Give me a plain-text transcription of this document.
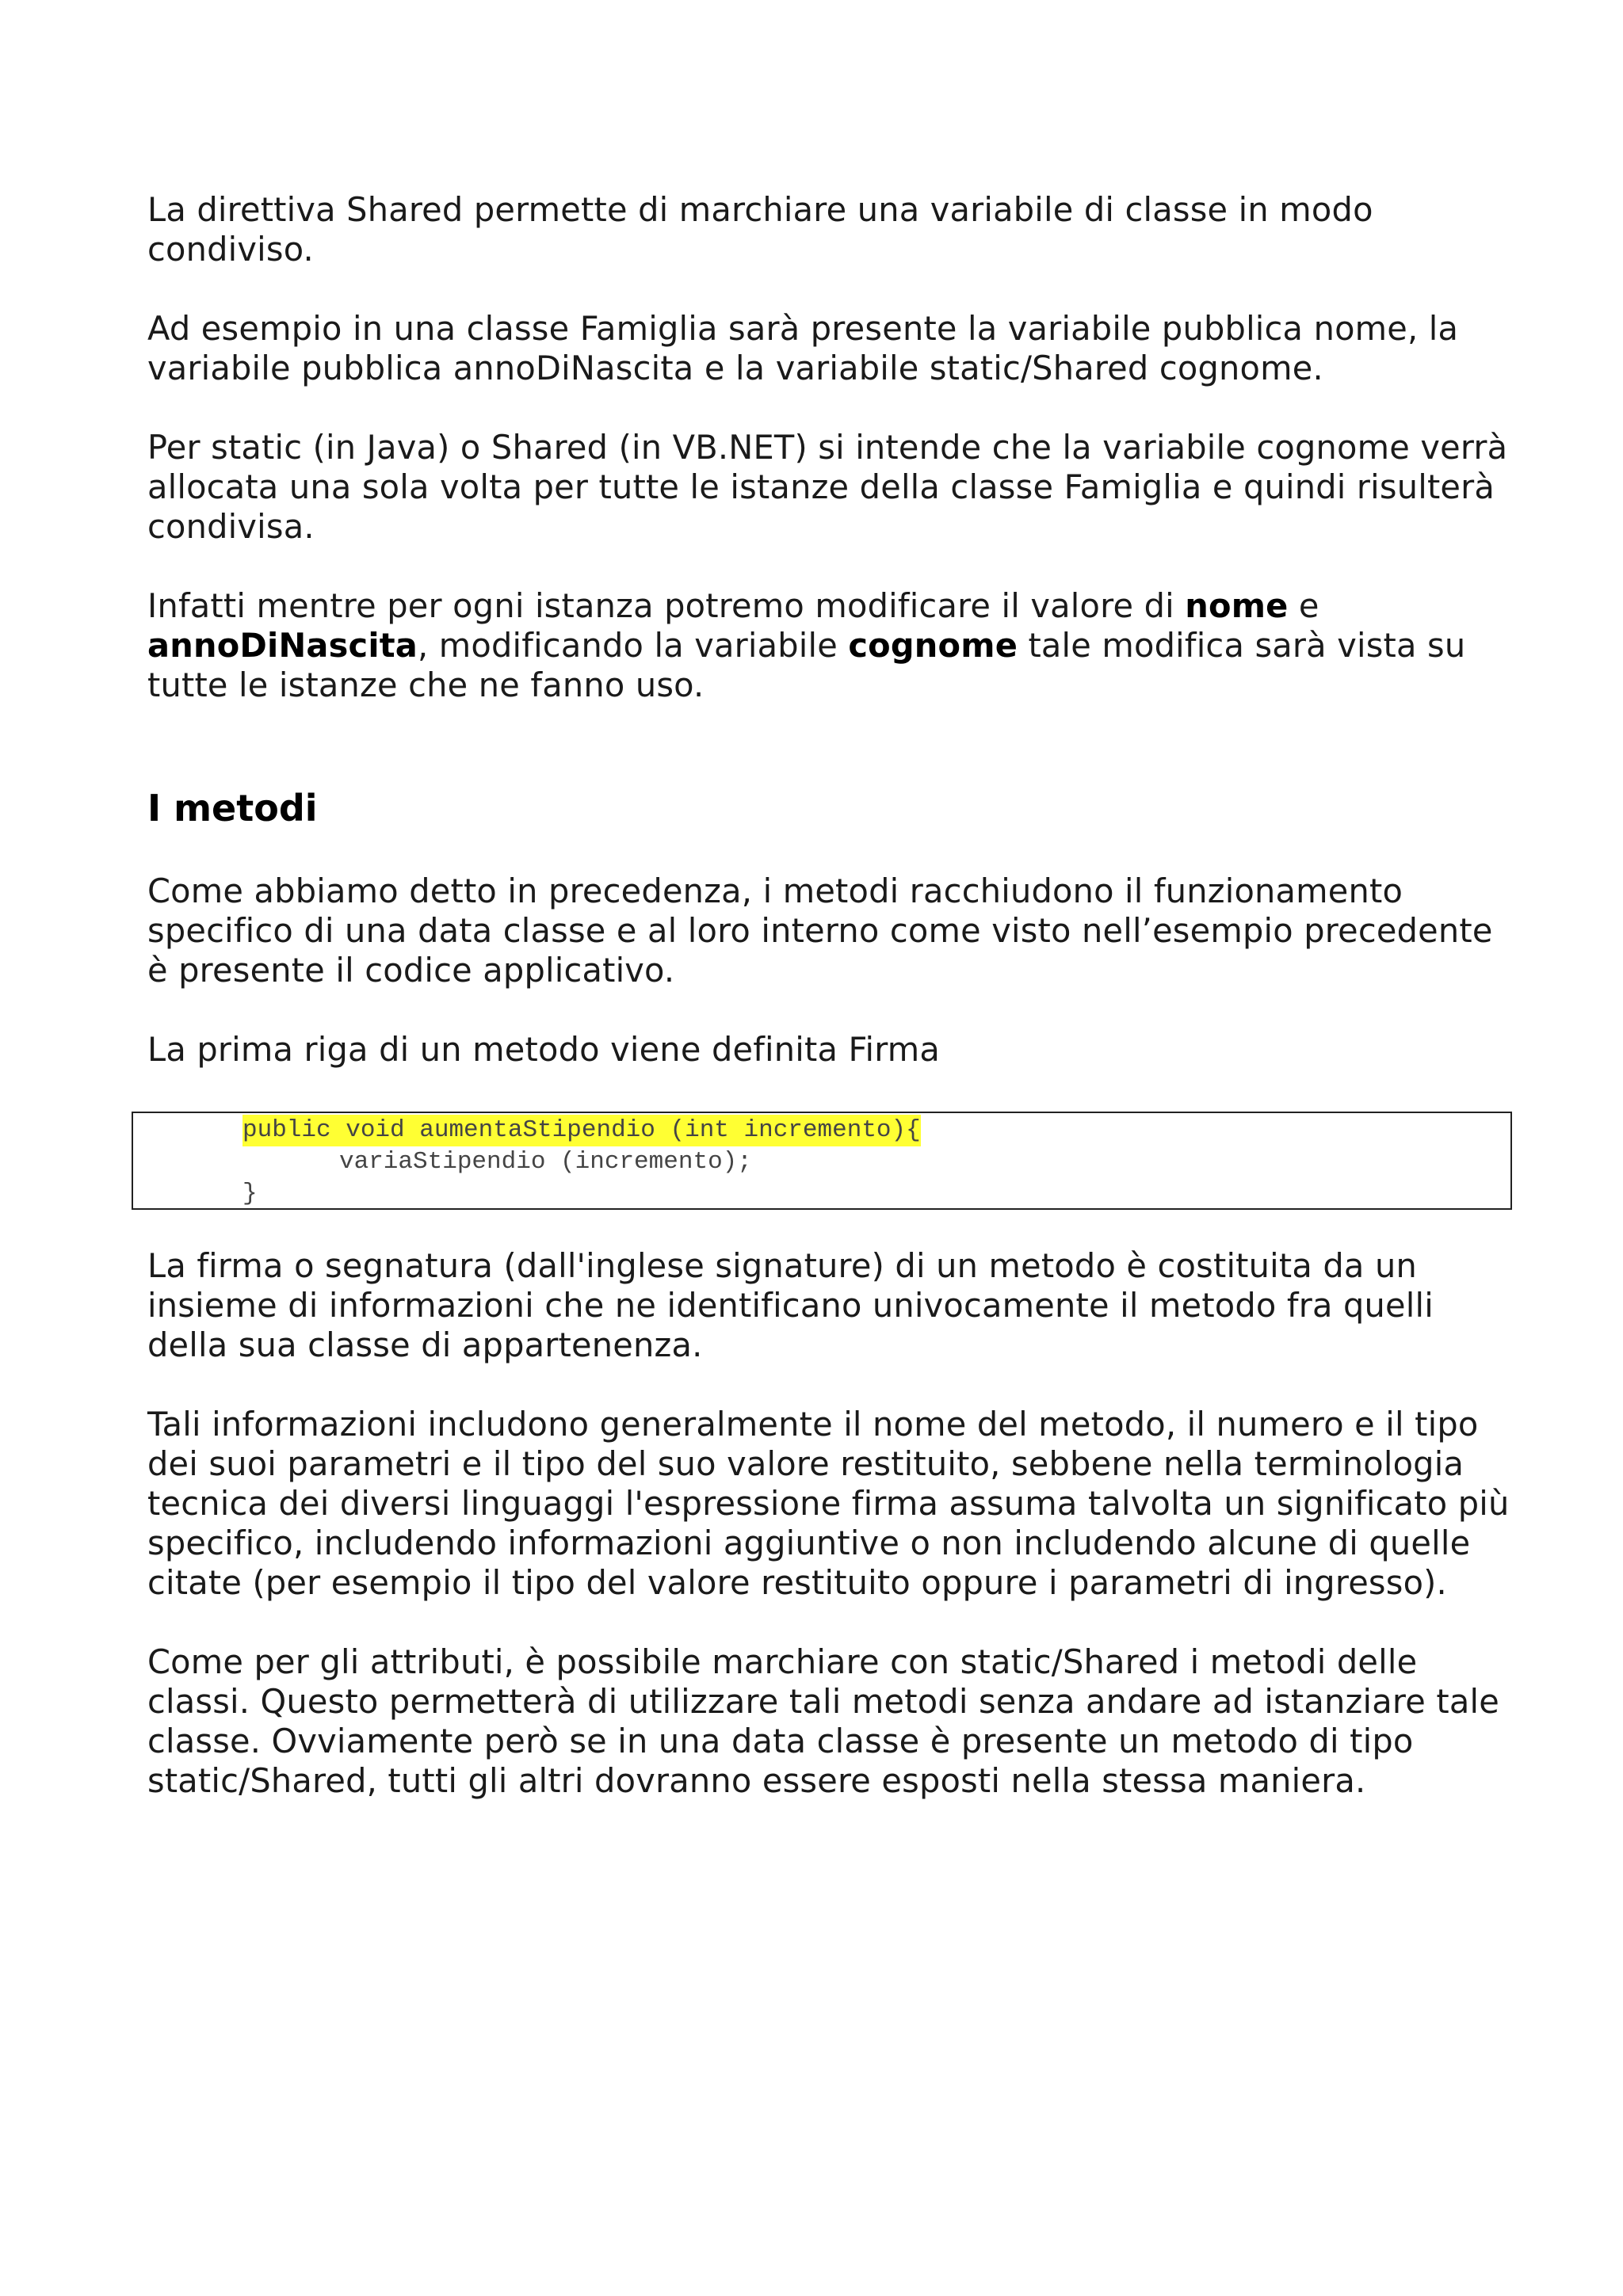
La direttiva Shared permette di marchiare una variabile di classe in modo condiviso.

Ad esempio in una classe Famiglia sarà presente la variabile pubblica nome, la variabile pubblica annoDiNascita e la variabile static/Shared cognome.

Per static (in Java) o Shared (in VB.NET) si intende che la variabile cognome verrà allocata una sola volta per tutte le istanze della classe Famiglia e quindi risulterà condivisa.

Infatti mentre per ogni istanza potremo modificare il valore di nome e annoDiNascita, modificando la variabile cognome tale modifica sarà vista su tutte le istanze che ne fanno uso.

I metodi

Come abbiamo detto in precedenza, i metodi racchiudono il funzionamento specifico di una data classe e al loro interno come visto nell’esempio precedente è presente il codice applicativo.

La prima riga di un metodo viene definita Firma

public void aumentaStipendio (int incremento){
variaStipendio (incremento);
}

La firma o segnatura (dall'inglese signature) di un metodo è costituita da un insieme di informazioni che ne identificano univocamente il metodo fra quelli della sua classe di appartenenza.

Tali informazioni includono generalmente il nome del metodo, il numero e il tipo dei suoi parametri e il tipo del suo valore restituito, sebbene nella terminologia tecnica dei diversi linguaggi l'espressione firma assuma talvolta un significato più specifico, includendo informazioni aggiuntive o non includendo alcune di quelle citate (per esempio il tipo del valore restituito oppure i parametri di ingresso).

Come per gli attributi, è possibile marchiare con static/Shared i metodi delle classi. Questo permetterà di utilizzare tali metodi senza andare ad istanziare tale classe. Ovviamente però se in una data classe è presente un metodo di tipo static/Shared, tutti gli altri dovranno essere esposti nella stessa maniera.
